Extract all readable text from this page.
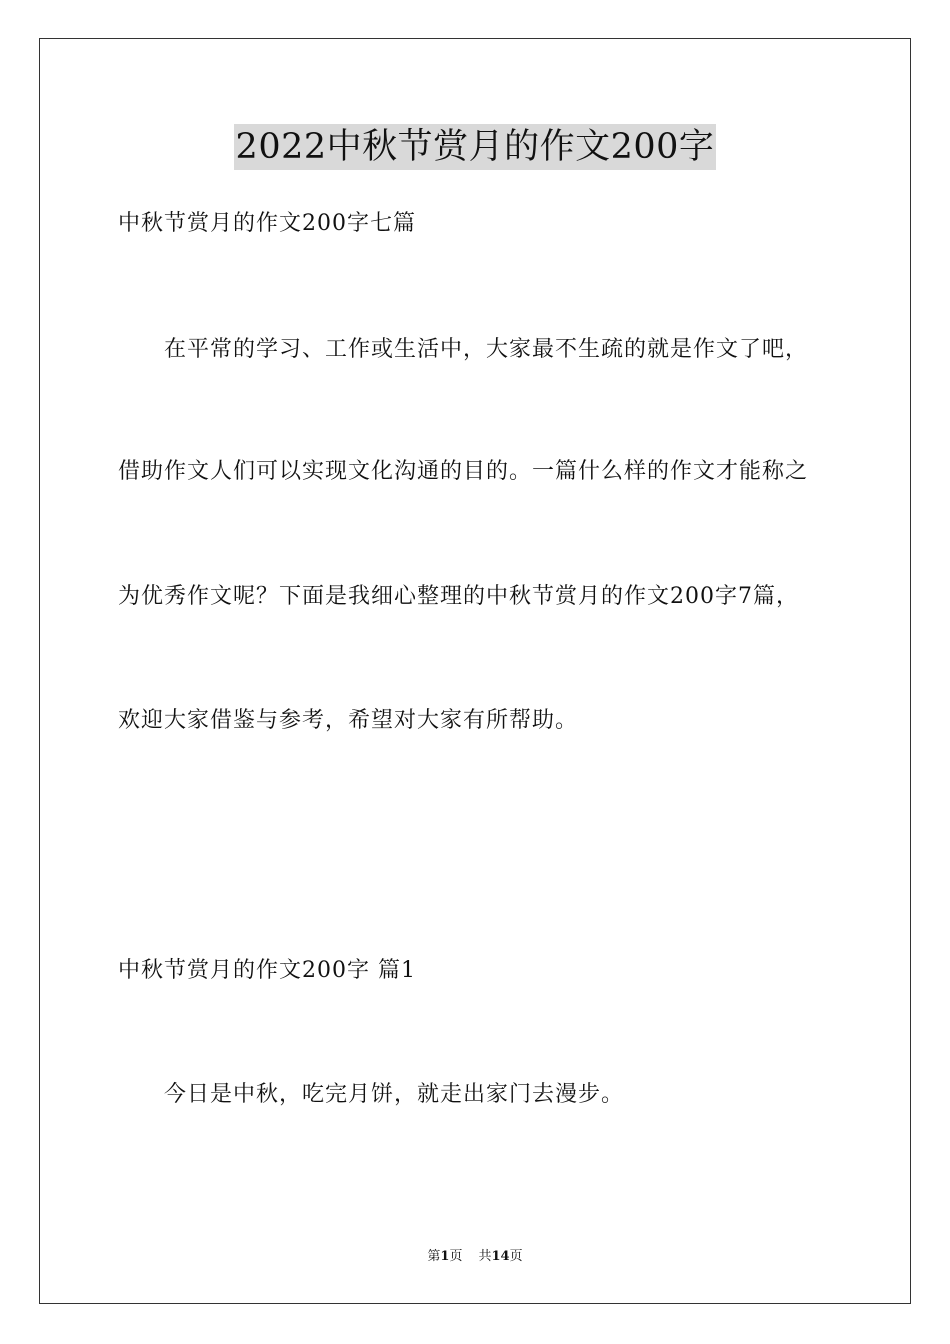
2022中秋节赏月的作文200字
中秋节赏月的作文200字七篇
在平常的学习、工作或生活中，大家最不生疏的就是作文了吧，
借助作文人们可以实现文化沟通的目的。一篇什么样的作文才能称之
为优秀作文呢？下面是我细心整理的中秋节赏月的作文200字7篇，
欢迎大家借鉴与参考，希望对大家有所帮助。
中秋节赏月的作文200字 篇1
今日是中秋，吃完月饼，就走出家门去漫步。
第1页 共14页
